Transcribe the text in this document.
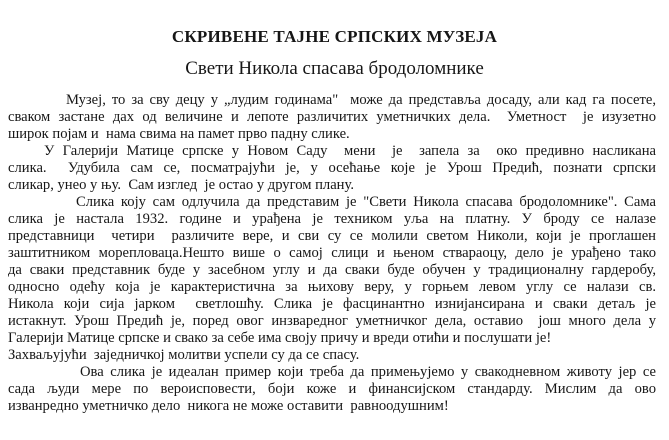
СКРИВЕНЕ ТАЈНЕ СРПСКИХ МУЗЕЈА
Свети Никола спасава бродоломнике
Музеј, то за сву децу у „лудим годинама"  може да представља досаду, али кад га посете,
сваком застане дах од величине и лепоте различитих уметничких дела.  Уметност  је изузетно
широк појам и  нама свима на памет прво падну слике.
У Галерији Матице српске у Новом Саду  мени  је  запела за  око предивно насликана
слика.  Удубила сам се, посматрајући је, у осећање које је Урош Предић, познати српски
сликар, унео у њу.  Сам изглед  је остао у другом плану.
Слика коју сам одлучила да представим је "Свети Никола спасава бродоломнике". Сама
слика је настала 1932. године и урађена је техником уља на платну. У броду се налазе
представници  четири  различите вере, и сви су се молили светом Николи, који је проглашен
заштитником морепловаца.Нешто више о самој слици и њеном ствараоцу, дело је урађено тако
да сваки представник буде у засебном углу и да сваки буде обучен у традиционалну гардеробу,
односно одећу која је карактеристична за њихову веру, у горњем левом углу се налази св.
Никола који сија јарком  светлошћу. Слика је фасцинантно изнијансирана и сваки детаљ је
истакнут. Урош Предић је, поред овог инзваредног уметничког дела, оставио  још много дела у
Галерији Матице српске и свако за себе има своју причу и вреди отићи и послушати је!
Захваљујући  заједничкој молитви успели су да се спасу.
Ова слика је идеалан пример који треба да примењујемо у свакодневном животу јер се
сада људи мере по вероисповести, боји коже и финансијском стандарду. Мислим да ово
изванредно уметничко дело  никога не може оставити  равноодушним!
